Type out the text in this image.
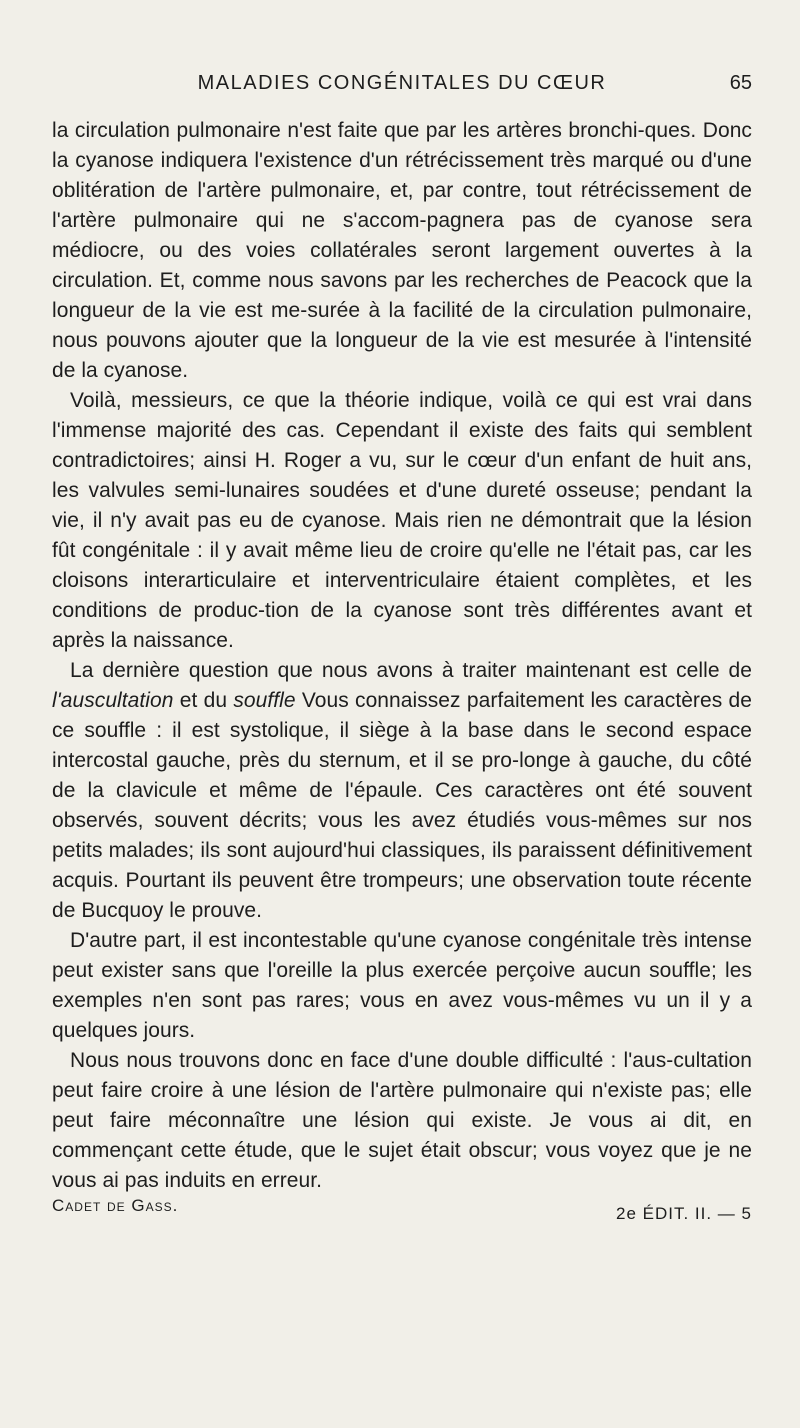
MALADIES CONGÉNITALES DU CŒUR	65

la circulation pulmonaire n'est faite que par les artères bronchi-ques. Donc la cyanose indiquera l'existence d'un rétrécissement très marqué ou d'une oblitération de l'artère pulmonaire, et, par contre, tout rétrécissement de l'artère pulmonaire qui ne s'accom-pagnera pas de cyanose sera médiocre, ou des voies collatérales seront largement ouvertes à la circulation. Et, comme nous savons par les recherches de Peacock que la longueur de la vie est me-surée à la facilité de la circulation pulmonaire, nous pouvons ajouter que la longueur de la vie est mesurée à l'intensité de la cyanose.

Voilà, messieurs, ce que la théorie indique, voilà ce qui est vrai dans l'immense majorité des cas. Cependant il existe des faits qui semblent contradictoires; ainsi H. Roger a vu, sur le cœur d'un enfant de huit ans, les valvules semi-lunaires soudées et d'une dureté osseuse; pendant la vie, il n'y avait pas eu de cyanose. Mais rien ne démontrait que la lésion fût congénitale : il y avait même lieu de croire qu'elle ne l'était pas, car les cloisons interarticulaire et interventriculaire étaient complètes, et les conditions de produc-tion de la cyanose sont très différentes avant et après la naissance.

La dernière question que nous avons à traiter maintenant est celle de l'auscultation et du souffle Vous connaissez parfaitement les caractères de ce souffle : il est systolique, il siège à la base dans le second espace intercostal gauche, près du sternum, et il se pro-longe à gauche, du côté de la clavicule et même de l'épaule. Ces caractères ont été souvent observés, souvent décrits; vous les avez étudiés vous-mêmes sur nos petits malades; ils sont aujourd'hui classiques, ils paraissent définitivement acquis. Pourtant ils peuvent être trompeurs; une observation toute récente de Bucquoy le prouve.

D'autre part, il est incontestable qu'une cyanose congénitale très intense peut exister sans que l'oreille la plus exercée perçoive aucun souffle; les exemples n'en sont pas rares; vous en avez vous-mêmes vu un il y a quelques jours.

Nous nous trouvons donc en face d'une double difficulté : l'aus-cultation peut faire croire à une lésion de l'artère pulmonaire qui n'existe pas; elle peut faire méconnaître une lésion qui existe. Je vous ai dit, en commençant cette étude, que le sujet était obscur; vous voyez que je ne vous ai pas induits en erreur.

Cadet de Gass.	2e ÉDIT. II. — 5
